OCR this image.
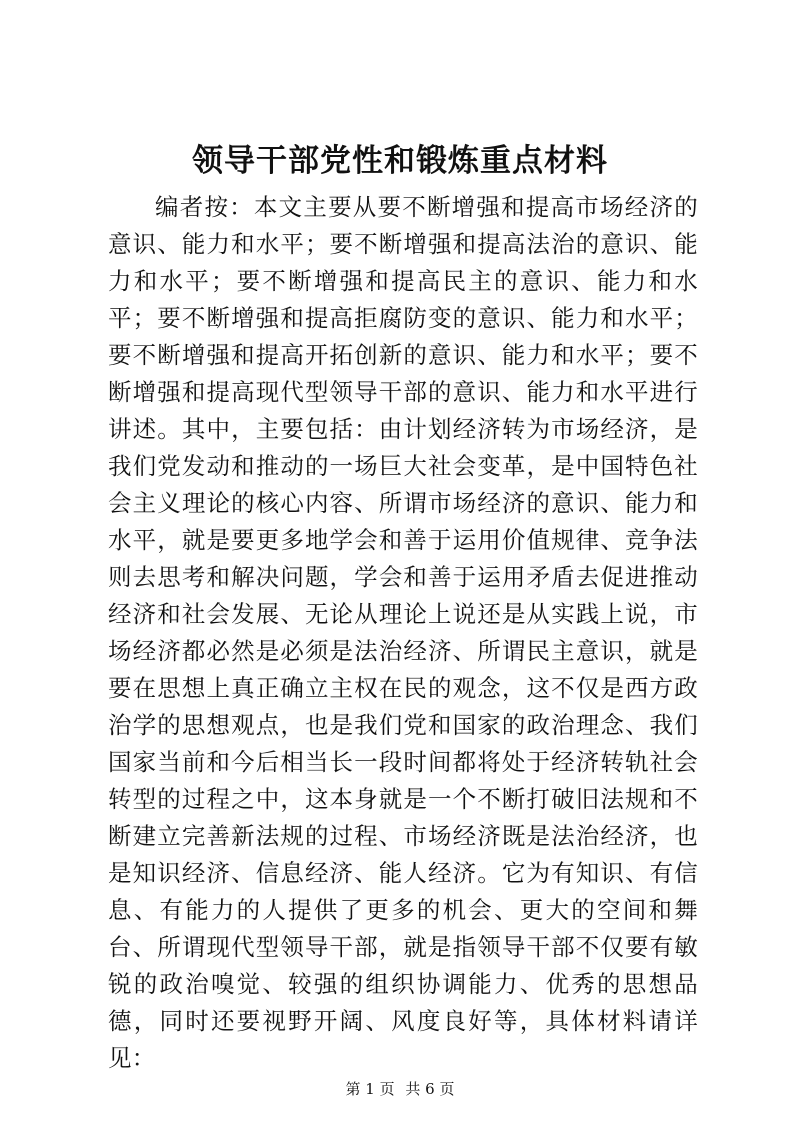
领导干部党性和锻炼重点材料

编者按：本文主要从要不断增强和提高市场经济的意识、能力和水平；要不断增强和提高法治的意识、能力和水平；要不断增强和提高民主的意识、能力和水平；要不断增强和提高拒腐防变的意识、能力和水平；要不断增强和提高开拓创新的意识、能力和水平；要不断增强和提高现代型领导干部的意识、能力和水平进行讲述。其中，主要包括：由计划经济转为市场经济，是我们党发动和推动的一场巨大社会变革，是中国特色社会主义理论的核心内容、所谓市场经济的意识、能力和水平，就是要更多地学会和善于运用价值规律、竞争法则去思考和解决问题，学会和善于运用矛盾去促进推动经济和社会发展、无论从理论上说还是从实践上说，市场经济都必然是必须是法治经济、所谓民主意识，就是要在思想上真正确立主权在民的观念，这不仅是西方政治学的思想观点，也是我们党和国家的政治理念、我们国家当前和今后相当长一段时间都将处于经济转轨社会转型的过程之中，这本身就是一个不断打破旧法规和不断建立完善新法规的过程、市场经济既是法治经济，也是知识经济、信息经济、能人经济。它为有知识、有信息、有能力的人提供了更多的机会、更大的空间和舞台、所谓现代型领导干部，就是指领导干部不仅要有敏锐的政治嗅觉、较强的组织协调能力、优秀的思想品德，同时还要视野开阔、风度良好等，具体材料请详见：

第 1 页 共 6 页
